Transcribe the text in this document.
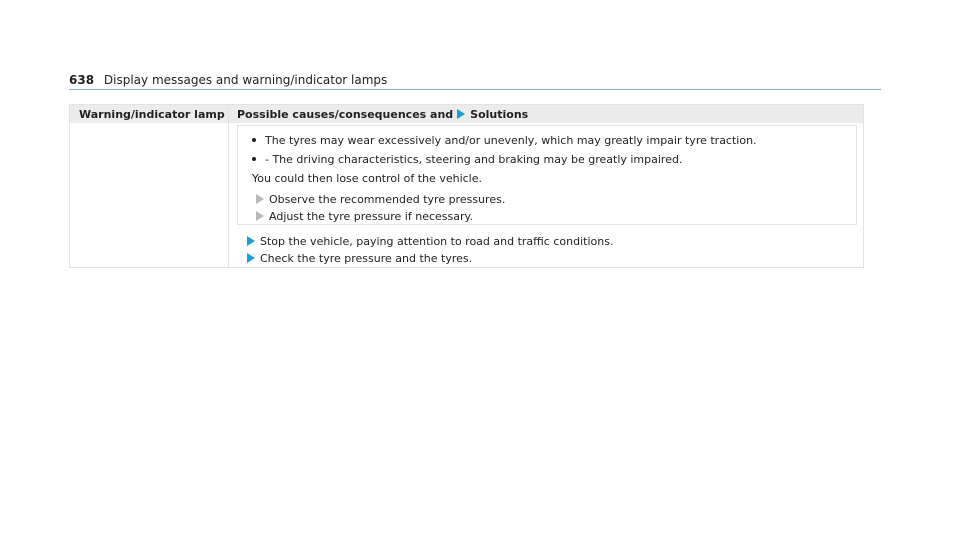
638 Display messages and warning/indicator lamps
Warning/indicator lamp Possible causes/consequences and Solutions
The tyres may wear excessively and/or unevenly, which may greatly impair tyre traction.
- The driving characteristics, steering and braking may be greatly impaired.
You could then lose control of the vehicle.
Observe the recommended tyre pressures.
Adjust the tyre pressure if necessary.
Stop the vehicle, paying attention to road and traffic conditions.
Check the tyre pressure and the tyres.
